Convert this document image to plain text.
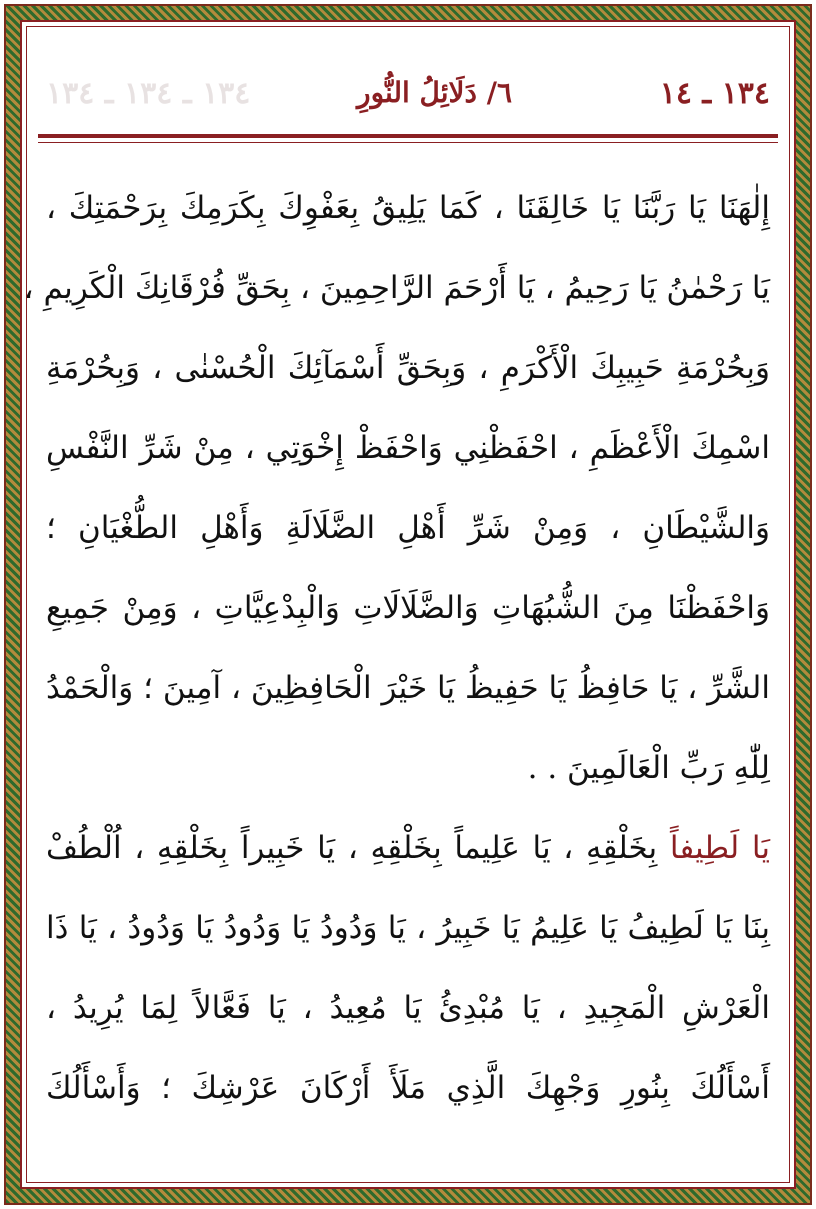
١٣٤ ـ ١٤
٦/ دَلَائِلُ النُّورِ
١٣٤ ـ ١٣٤ ـ ١٣٤
إِلٰهَنَا يَا رَبَّنَا يَا خَالِقَنَا ، كَمَا يَلِيقُ بِعَفْوِكَ بِكَرَمِكَ بِرَحْمَتِكَ ،
يَا رَحْمٰنُ يَا رَحِيمُ ، يَا أَرْحَمَ الرَّاحِمِينَ ، بِحَقِّ فُرْقَانِكَ الْكَرِيمِ ،
وَبِحُرْمَةِ حَبِيبِكَ الْأَكْرَمِ ، وَبِحَقِّ أَسْمَآئِكَ الْحُسْنٰى ، وَبِحُرْمَةِ
اسْمِكَ الْأَعْظَمِ ، احْفَظْنِي وَاحْفَظْ إِخْوَتِي ، مِنْ شَرِّ النَّفْسِ
وَالشَّيْطَانِ ، وَمِنْ شَرِّ أَهْلِ الضَّلَالَةِ وَأَهْلِ الطُّغْيَانِ ؛
وَاحْفَظْنَا مِنَ الشُّبُهَاتِ وَالضَّلَالَاتِ وَالْبِدْعِيَّاتِ ، وَمِنْ جَمِيعِ
الشَّرِّ ، يَا حَافِظُ يَا حَفِيظُ يَا خَيْرَ الْحَافِظِينَ ، آمِينَ ؛ وَالْحَمْدُ
لِلّٰهِ رَبِّ الْعَالَمِينَ . .
يَا لَطِيفاً بِخَلْقِهِ ، يَا عَلِيماً بِخَلْقِهِ ، يَا خَبِيراً بِخَلْقِهِ ، اُلْطُفْ
بِنَا يَا لَطِيفُ يَا عَلِيمُ يَا خَبِيرُ ، يَا وَدُودُ يَا وَدُودُ يَا وَدُودُ ، يَا ذَا
الْعَرْشِ الْمَجِيدِ ، يَا مُبْدِئُ يَا مُعِيدُ ، يَا فَعَّالاً لِمَا يُرِيدُ ،
أَسْأَلُكَ بِنُورِ وَجْهِكَ الَّذِي مَلَأَ أَرْكَانَ عَرْشِكَ ؛ وَأَسْأَلُكَ
